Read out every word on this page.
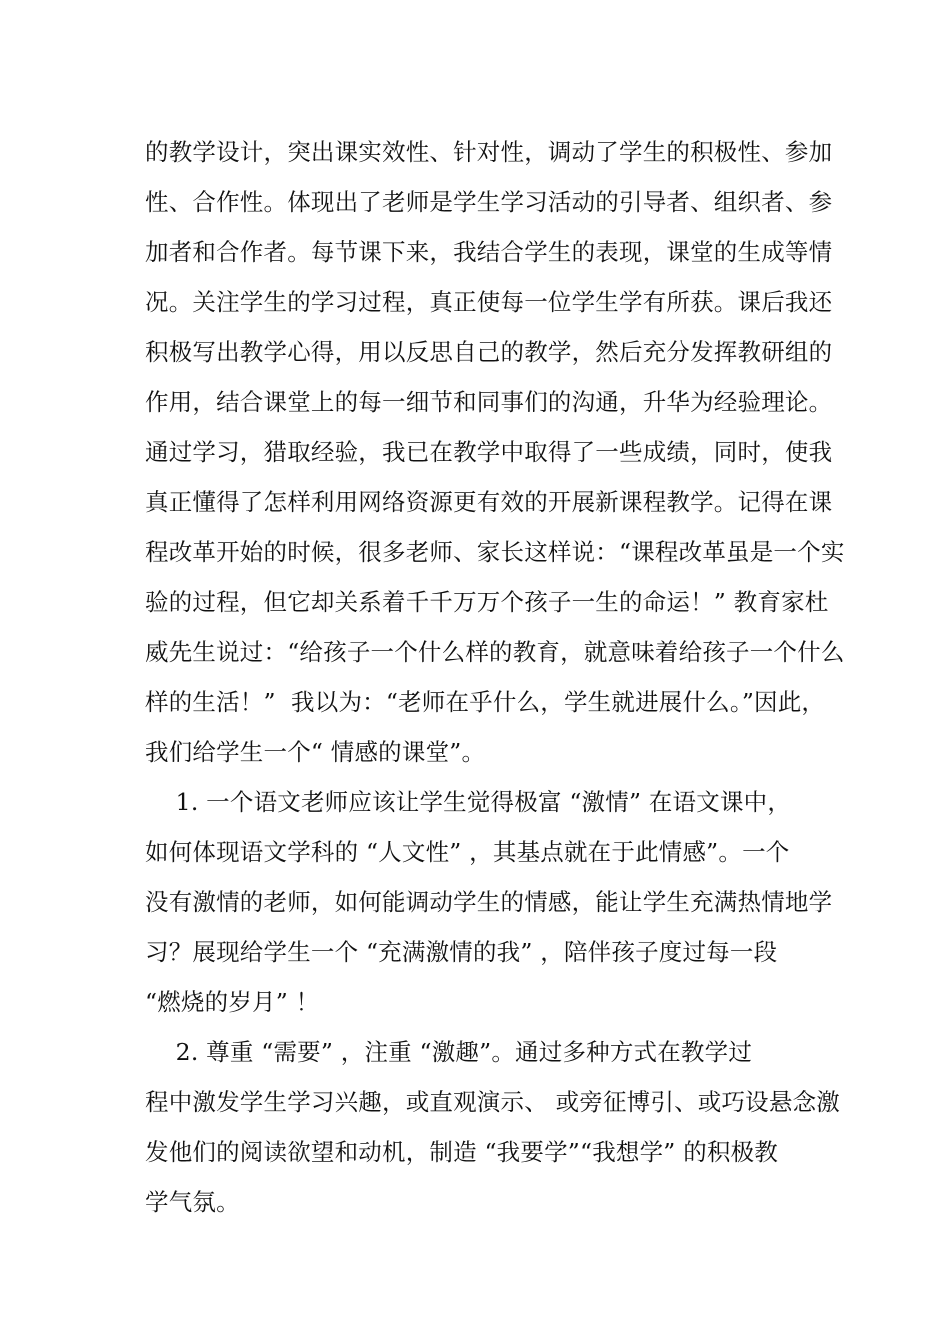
的教学设计，突出课实效性、针对性，调动了学生的积极性、参加
性、合作性。体现出了老师是学生学习活动的引导者、组织者、参
加者和合作者。每节课下来，我结合学生的表现，课堂的生成等情
况。关注学生的学习过程，真正使每一位学生学有所获。课后我还
积极写出教学心得，用以反思自己的教学，然后充分发挥教研组的
作用，结合课堂上的每一细节和同事们的沟通，升华为经验理论。
通过学习，猎取经验，我已在教学中取得了一些成绩，同时，使我
真正懂得了怎样利用网络资源更有效的开展新课程教学。记得在课
程改革开始的时候，很多老师、家长这样说：“课程改革虽是一个实
验的过程，但它却关系着千千万万个孩子一生的命运！” 教育家杜
威先生说过：“给孩子一个什么样的教育，就意味着给孩子一个什么
样的生活！”  我以为：“老师在乎什么，学生就进展什么。”因此，
我们给学生一个“ 情感的课堂”。
1. 一个语文老师应该让学生觉得极富 “激情” 在语文课中，
如何体现语文学科的 “人文性” ，其基点就在于此情感”。一个
没有激情的老师，如何能调动学生的情感，能让学生充满热情地学
习？展现给学生一个 “充满激情的我” ，陪伴孩子度过每一段
“燃烧的岁月” ！
2. 尊重 “需要” ，注重 “激趣”。通过多种方式在教学过
程中激发学生学习兴趣，或直观演示、 或旁征博引、或巧设悬念激
发他们的阅读欲望和动机，制造 “我要学”“我想学” 的积极教
学气氛。
